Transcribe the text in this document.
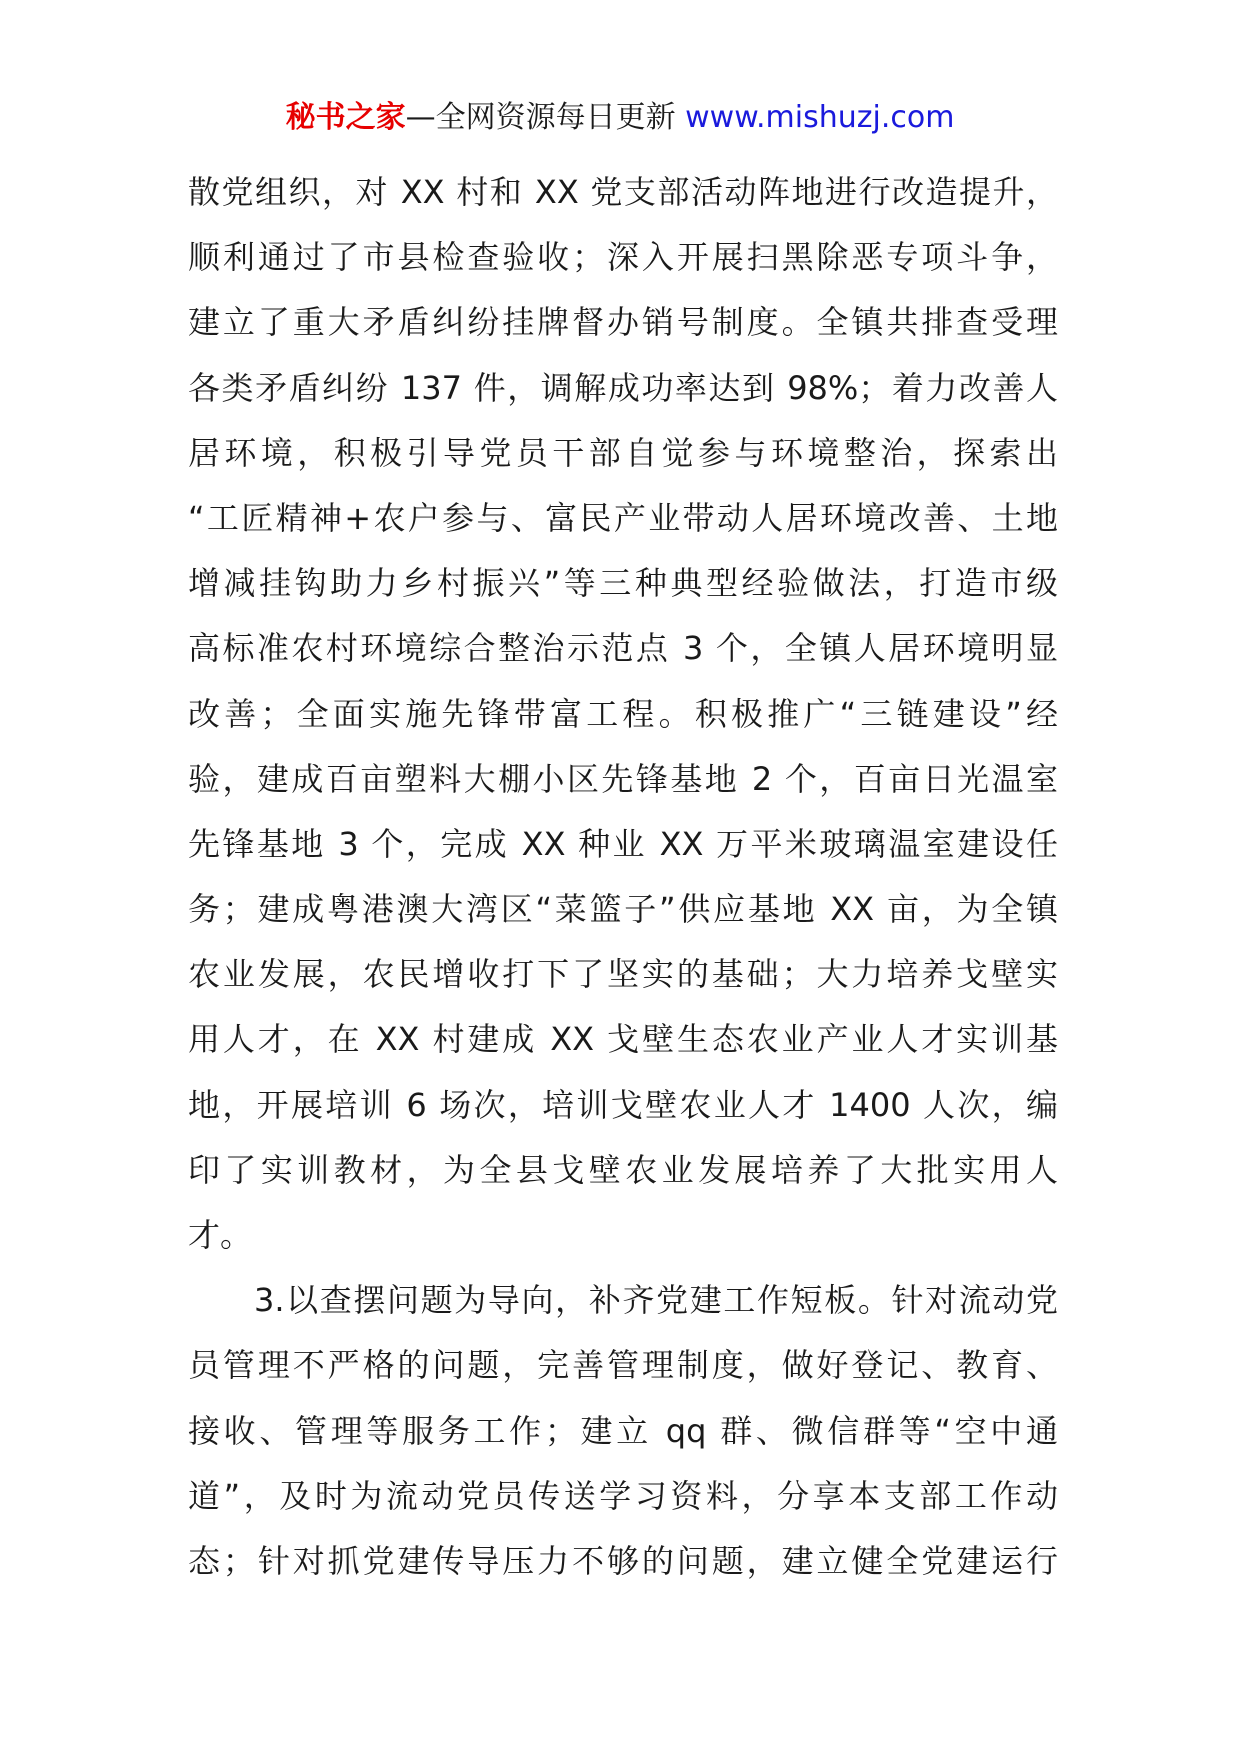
秘书之家—全网资源每日更新 www.mishuzj.com
散党组织，对 XX 村和 XX 党支部活动阵地进行改造提升，
顺利通过了市县检查验收；深入开展扫黑除恶专项斗争，
建立了重大矛盾纠纷挂牌督办销号制度。全镇共排查受理
各类矛盾纠纷 137 件，调解成功率达到 98%；着力改善人
居环境，积极引导党员干部自觉参与环境整治，探索出
“工匠精神+农户参与、富民产业带动人居环境改善、土地
增减挂钩助力乡村振兴”等三种典型经验做法，打造市级
高标准农村环境综合整治示范点 3 个，全镇人居环境明显
改善；全面实施先锋带富工程。积极推广“三链建设”经
验，建成百亩塑料大棚小区先锋基地 2 个，百亩日光温室
先锋基地 3 个，完成 XX 种业 XX 万平米玻璃温室建设任
务；建成粤港澳大湾区“菜篮子”供应基地 XX 亩，为全镇
农业发展，农民增收打下了坚实的基础；大力培养戈壁实
用人才，在 XX 村建成 XX 戈壁生态农业产业人才实训基
地，开展培训 6 场次，培训戈壁农业人才 1400 人次，编
印了实训教材，为全县戈壁农业发展培养了大批实用人
才。
3.以查摆问题为导向，补齐党建工作短板。针对流动党
员管理不严格的问题，完善管理制度，做好登记、教育、
接收、管理等服务工作；建立 qq 群、微信群等“空中通
道”，及时为流动党员传送学习资料，分享本支部工作动
态；针对抓党建传导压力不够的问题，建立健全党建运行
